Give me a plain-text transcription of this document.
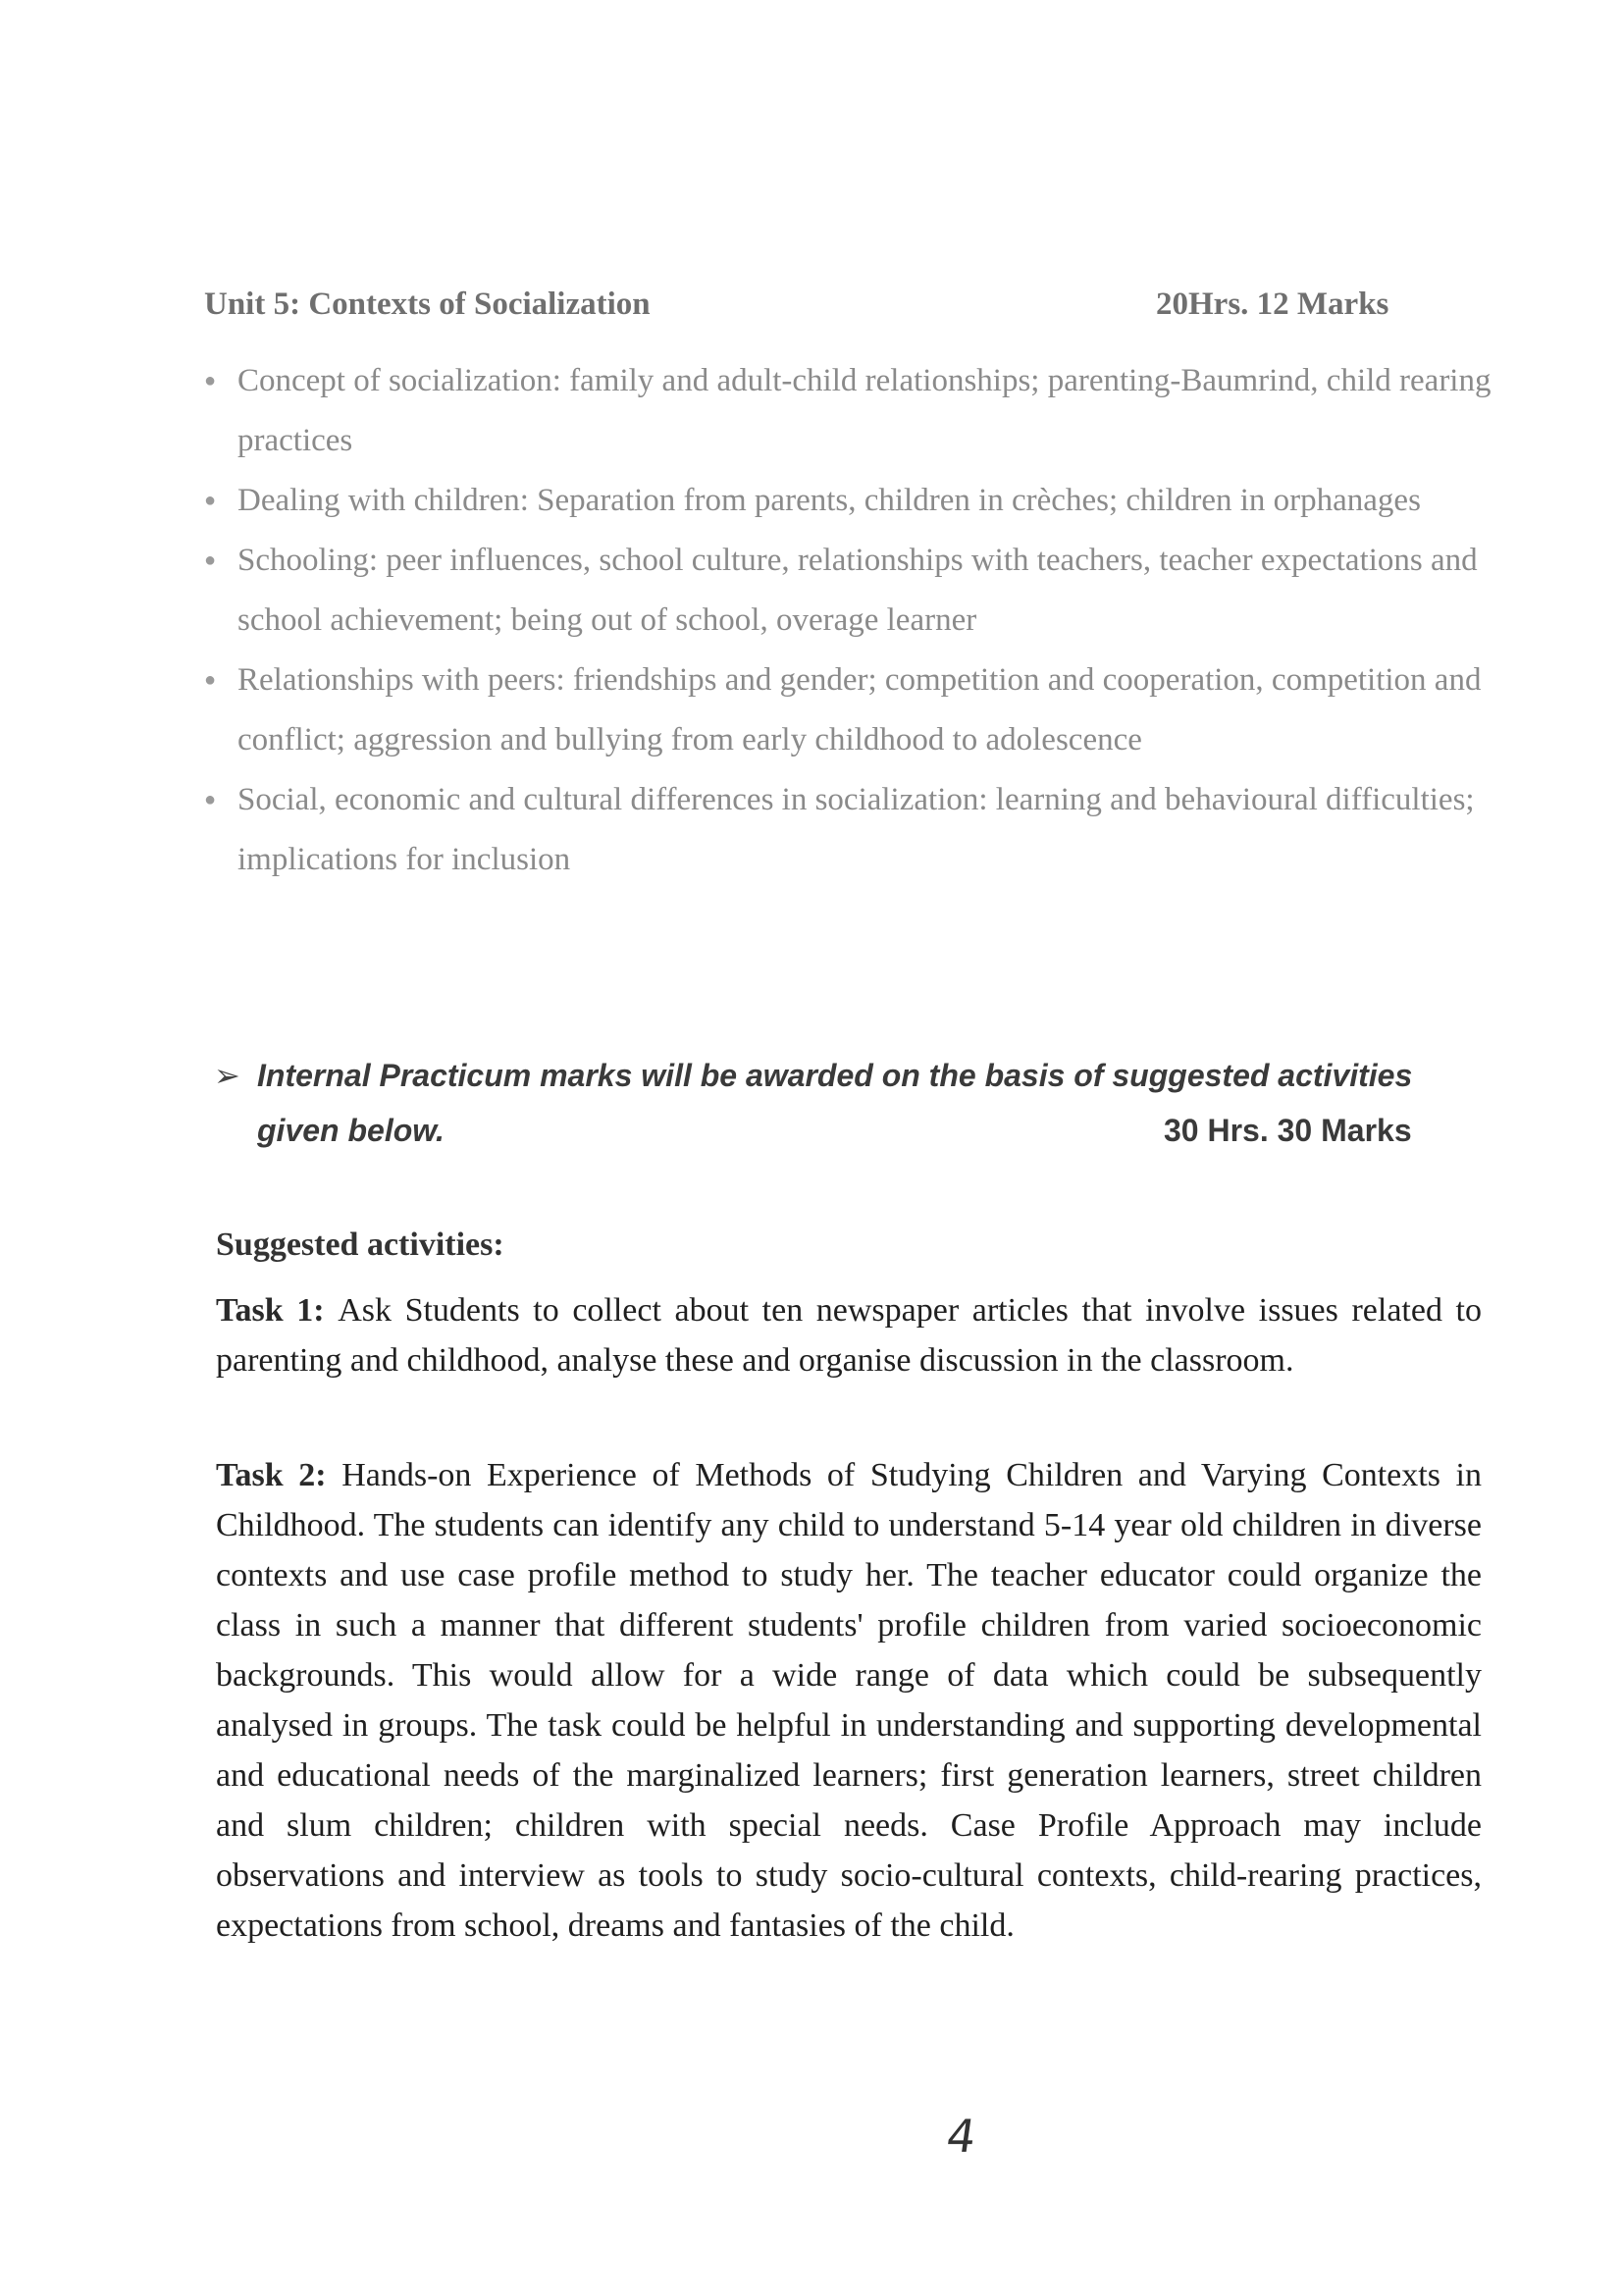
Unit 5: Contexts of Socialization	20Hrs. 12 Marks
● Concept of socialization: family and adult-child relationships; parenting-Baumrind, child rearing practices
● Dealing with children: Separation from parents, children in crèches; children in orphanages
● Schooling: peer influences, school culture, relationships with teachers, teacher expectations and school achievement; being out of school, overage learner
● Relationships with peers: friendships and gender; competition and cooperation, competition and conflict; aggression and bullying from early childhood to adolescence
● Social, economic and cultural differences in socialization: learning and behavioural difficulties; implications for inclusion
➢ Internal Practicum marks will be awarded on the basis of suggested activities
given below.	30 Hrs. 30 Marks
Suggested activities:

Task 1: Ask Students to collect about ten newspaper articles that involve issues related to parenting and childhood, analyse these and organise discussion in the classroom.

Task 2: Hands-on Experience of Methods of Studying Children and Varying Contexts in Childhood. The students can identify any child to understand 5-14 year old children in diverse contexts and use case profile method to study her. The teacher educator could organize the class in such a manner that different students' profile children from varied socioeconomic backgrounds. This would allow for a wide range of data which could be subsequently analysed in groups. The task could be helpful in understanding and supporting developmental and educational needs of the marginalized learners; first generation learners, street children and slum children; children with special needs. Case Profile Approach may include observations and interview as tools to study socio-cultural contexts, child-rearing practices, expectations from school, dreams and fantasies of the child.

4
